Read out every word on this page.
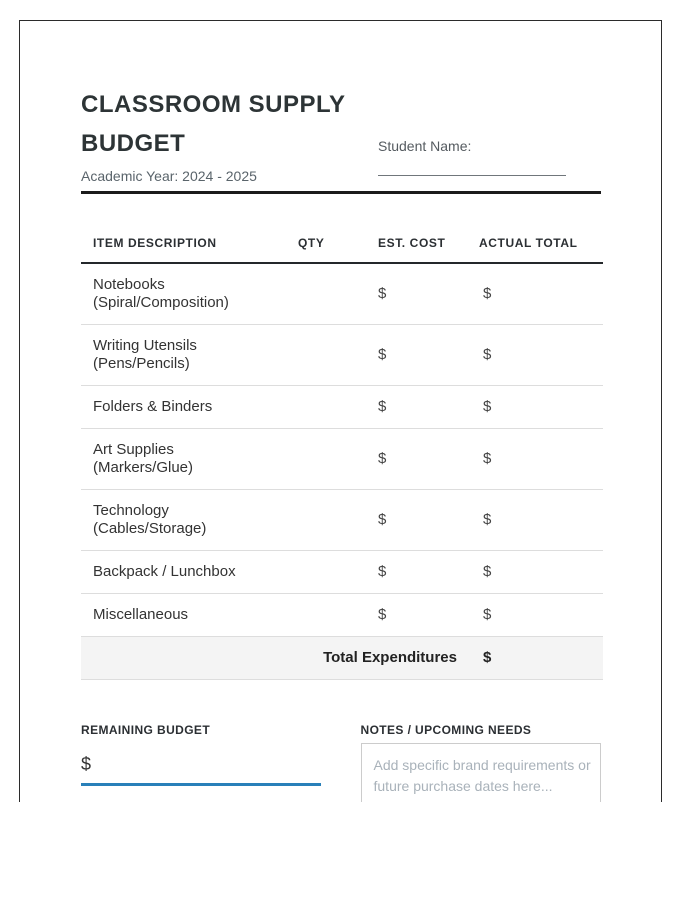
CLASSROOM SUPPLY BUDGET

Academic Year: 2024 - 2025

Student Name:
ITEM DESCRIPTION	QTY	EST. COST	ACTUAL TOTAL
Notebooks (Spiral/Composition)		$	$
Writing Utensils (Pens/Pencils)		$	$
Folders & Binders		$	$
Art Supplies (Markers/Glue)		$	$
Technology (Cables/Storage)		$	$
Backpack / Lunchbox		$	$
Miscellaneous		$	$
Total Expenditures			$
REMAINING BUDGET
$
NOTES / UPCOMING NEEDS
Add specific brand requirements or future purchase dates here...
